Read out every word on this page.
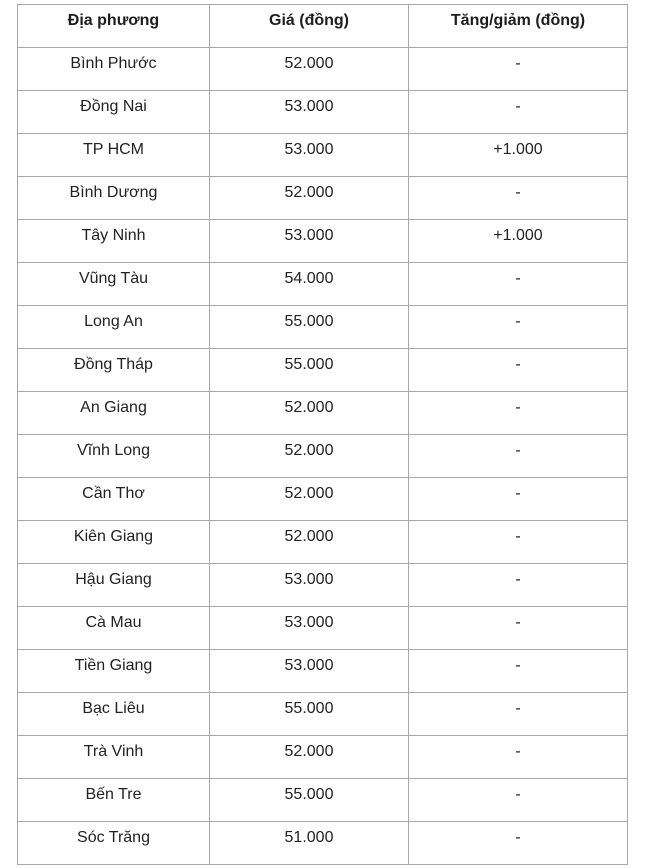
Địa phương	Giá (đồng)	Tăng/giảm (đồng)

Bình Phước	52.000	-

Đồng Nai	53.000	-

TP HCM	53.000	+1.000

Bình Dương	52.000	-

Tây Ninh	53.000	+1.000

Vũng Tàu	54.000	-

Long An	55.000	-

Đồng Tháp	55.000	-

An Giang	52.000	-

Vĩnh Long	52.000	-

Cần Thơ	52.000	-

Kiên Giang	52.000	-

Hậu Giang	53.000	-

Cà Mau	53.000	-

Tiền Giang	53.000	-

Bạc Liêu	55.000	-

Trà Vinh	52.000	-

Bến Tre	55.000	-

Sóc Trăng	51.000	-
